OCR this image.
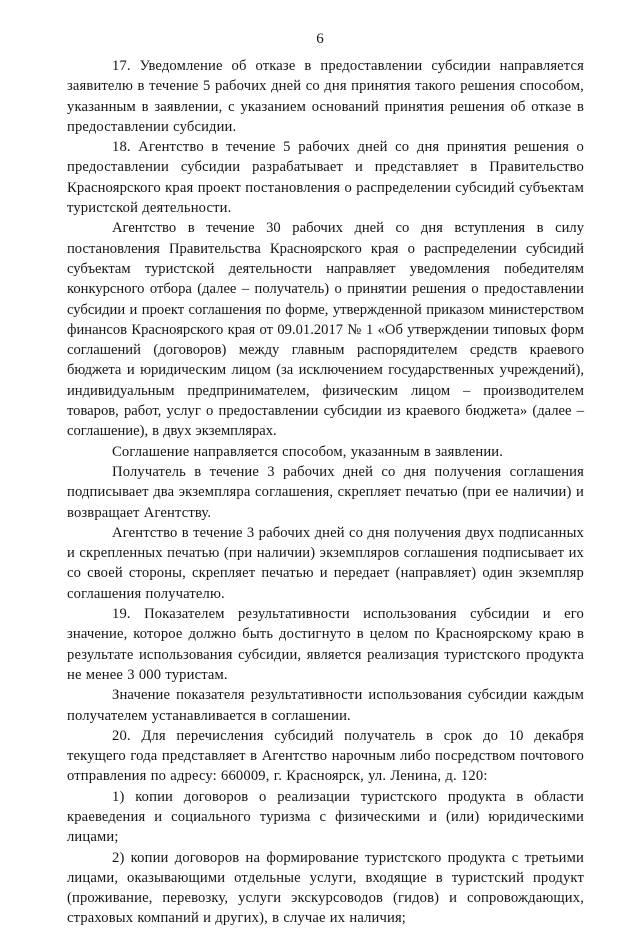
6

17. Уведомление об отказе в предоставлении субсидии направляется заявителю в течение 5 рабочих дней со дня принятия такого решения способом, указанным в заявлении, с указанием оснований принятия решения об отказе в предоставлении субсидии.

18. Агентство в течение 5 рабочих дней со дня принятия решения о предоставлении субсидии разрабатывает и представляет в Правительство Красноярского края проект постановления о распределении субсидий субъектам туристской деятельности.

Агентство в течение 30 рабочих дней со дня вступления в силу постановления Правительства Красноярского края о распределении субсидий субъектам туристской деятельности направляет уведомления победителям конкурсного отбора (далее – получатель) о принятии решения о предоставлении субсидии и проект соглашения по форме, утвержденной приказом министерством финансов Красноярского края от 09.01.2017 № 1 «Об утверждении типовых форм соглашений (договоров) между главным распорядителем средств краевого бюджета и юридическим лицом (за исключением государственных учреждений), индивидуальным предпринимателем, физическим лицом – производителем товаров, работ, услуг о предоставлении субсидии из краевого бюджета» (далее – соглашение), в двух экземплярах.

Соглашение направляется способом, указанным в заявлении.

Получатель в течение 3 рабочих дней со дня получения соглашения подписывает два экземпляра соглашения, скрепляет печатью (при ее наличии) и возвращает Агентству.

Агентство в течение 3 рабочих дней со дня получения двух подписанных и скрепленных печатью (при наличии) экземпляров соглашения подписывает их со своей стороны, скрепляет печатью и передает (направляет) один экземпляр соглашения получателю.

19. Показателем результативности использования субсидии и его значение, которое должно быть достигнуто в целом по Красноярскому краю в результате использования субсидии, является реализация туристского продукта не менее 3 000 туристам.

Значение показателя результативности использования субсидии каждым получателем устанавливается в соглашении.

20. Для перечисления субсидий получатель в срок до 10 декабря текущего года представляет в Агентство нарочным либо посредством почтового отправления по адресу: 660009, г. Красноярск, ул. Ленина, д. 120:

1) копии договоров о реализации туристского продукта в области краеведения и социального туризма с физическими и (или) юридическими лицами;

2) копии договоров на формирование туристского продукта с третьими лицами, оказывающими отдельные услуги, входящие в туристский продукт (проживание, перевозку, услуги экскурсоводов (гидов) и сопровождающих, страховых компаний и других), в случае их наличия;
